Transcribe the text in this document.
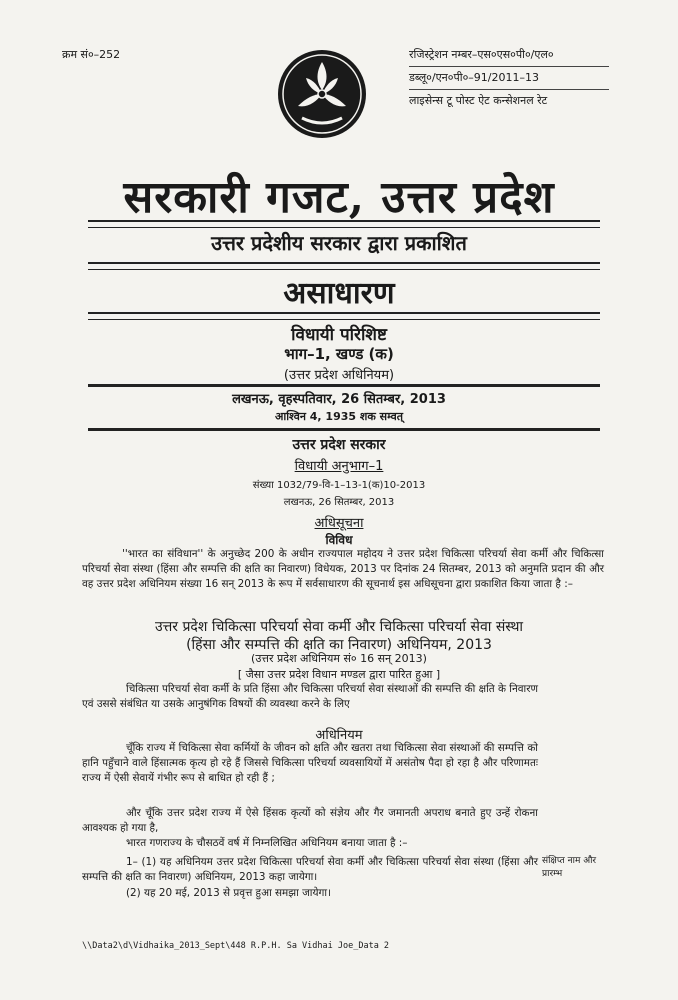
क्रम सं०–252	रजिस्ट्रेशन नम्बर–एस०एस०पी०/एल०
डब्लू०/एन०पी०–91/2011–13
लाइसेन्स टू पोस्ट ऐट कन्सेशनल रेट
सरकारी गजट, उत्तर प्रदेश
उत्तर प्रदेशीय सरकार द्वारा प्रकाशित
असाधारण
विधायी परिशिष्ट
भाग–1, खण्ड (क)
(उत्तर प्रदेश अधिनियम)
लखनऊ, वृहस्पतिवार, 26 सितम्बर, 2013
आश्विन 4, 1935 शक सम्वत्
उत्तर प्रदेश सरकार
विधायी अनुभाग–1
संख्या 1032/79-वि-1–13-1(क)10-2013
लखनऊ, 26 सितम्बर, 2013
अधिसूचना
विविध
''भारत का संविधान'' के अनुच्छेद 200 के अधीन राज्यपाल महोदय ने उत्तर प्रदेश चिकित्सा परिचर्या सेवा कर्मी और चिकित्सा परिचर्या सेवा संस्था (हिंसा और सम्पत्ति की क्षति का निवारण) विधेयक, 2013 पर दिनांक 24 सितम्बर, 2013 को अनुमति प्रदान की और वह उत्तर प्रदेश अधिनियम संख्या 16 सन् 2013 के रूप में सर्वसाधारण की सूचनार्थ इस अधिसूचना द्वारा प्रकाशित किया जाता है :–
उत्तर प्रदेश चिकित्सा परिचर्या सेवा कर्मी और चिकित्सा परिचर्या सेवा संस्था
(हिंसा और सम्पत्ति की क्षति का निवारण) अधिनियम, 2013
(उत्तर प्रदेश अधिनियम सं० 16 सन् 2013)
[ जैसा उत्तर प्रदेश विधान मण्डल द्वारा पारित हुआ ]
चिकित्सा परिचर्या सेवा कर्मी के प्रति हिंसा और चिकित्सा परिचर्या सेवा संस्थाओं की सम्पत्ति की क्षति के निवारण एवं उससे संबंधित या उसके आनुषंगिक विषयों की व्यवस्था करने के लिए
अधिनियम
चूँकि राज्य में चिकित्सा सेवा कर्मियों के जीवन को क्षति और खतरा तथा चिकित्सा सेवा संस्थाओं की सम्पत्ति को हानि पहुँचाने वाले हिंसात्मक कृत्य हो रहे हैं जिससे चिकित्सा परिचर्या व्यवसायियों में असंतोष पैदा हो रहा है और परिणामतः राज्य में ऐसी सेवायें गंभीर रूप से बाधित हो रही हैं ;
और चूँकि उत्तर प्रदेश राज्य में ऐसे हिंसक कृत्यों को संज्ञेय और गैर जमानती अपराध बनाते हुए उन्हें रोकना आवश्यक हो गया है,
भारत गणराज्य के चौसठवें वर्ष में निम्नलिखित अधिनियम बनाया जाता है :–
1– (1) यह अधिनियम उत्तर प्रदेश चिकित्सा परिचर्या सेवा कर्मी और चिकित्सा परिचर्या सेवा संस्था (हिंसा और सम्पत्ति की क्षति का निवारण) अधिनियम, 2013 कहा जायेगा।
(2) यह 20 मई, 2013 से प्रवृत्त हुआ समझा जायेगा।
संक्षिप्त नाम और प्रारम्भ
\\Data2\d\Vidhaika_2013_Sept\448 R.P.H. Sa Vidhai Joe_Data 2
